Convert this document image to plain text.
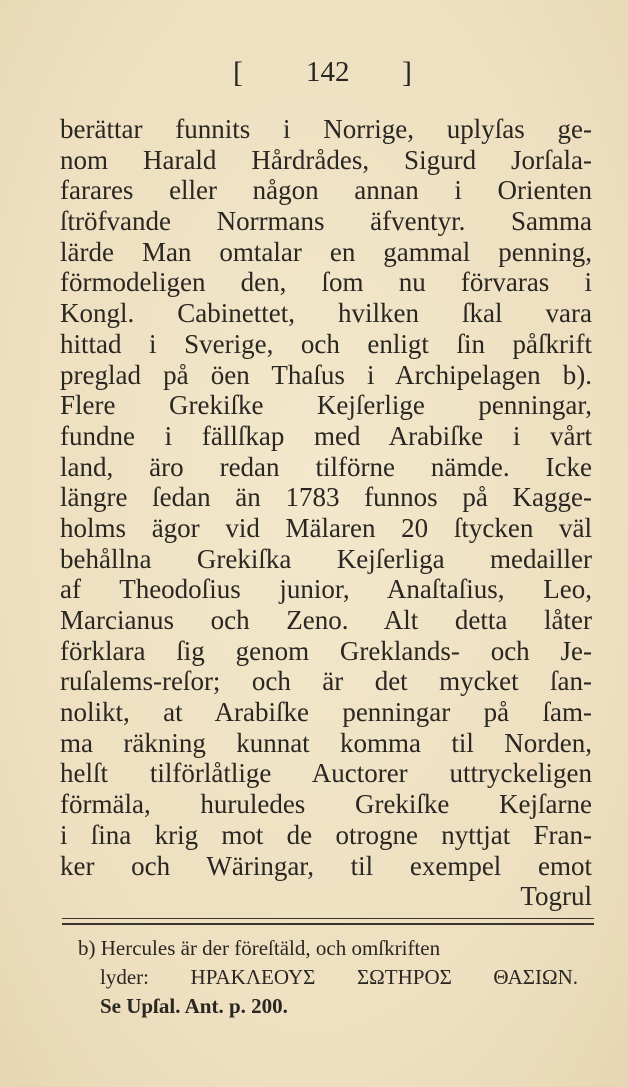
[ 142 ]
berättar funnits i Norrige, uplyſas ge-
nom Harald Hårdrådes, Sigurd Jorſala-
farares eller någon annan i Orienten
ſtröfvande Norrmans äfventyr. Samma
lärde Man omtalar en gammal penning,
förmodeligen den, ſom nu förvaras i
Kongl. Cabinettet, hvilken ſkal vara
hittad i Sverige, och enligt ſin påſkrift
preglad på öen Thaſus i Archipelagen b).
Flere Grekiſke Kejſerlige penningar,
fundne i fällſkap med Arabiſke i vårt
land, äro redan tilförne nämde. Icke
längre ſedan än 1783 funnos på Kagge-
holms ägor vid Mälaren 20 ſtycken väl
behållna Grekiſka Kejſerliga medailler
af Theodoſius junior, Anaſtaſius, Leo,
Marcianus och Zeno. Alt detta låter
förklara ſig genom Greklands- och Je-
ruſalems-reſor; och är det mycket ſan-
nolikt, at Arabiſke penningar på ſam-
ma räkning kunnat komma til Norden,
helſt tilförlåtlige Auctorer uttryckeligen
förmäla, huruledes Grekiſke Kejſarne
i ſina krig mot de otrogne nyttjat Fran-
ker och Wäringar, til exempel emot
Togrul
b) Hercules är der föreſtäld, och omſkriften
lyder: ΗΡΑΚΛΕΟΥΣ ΣΩΤΗΡΟΣ ΘΑΣΙΩΝ.
Se Upſal. Ant. p. 200.
